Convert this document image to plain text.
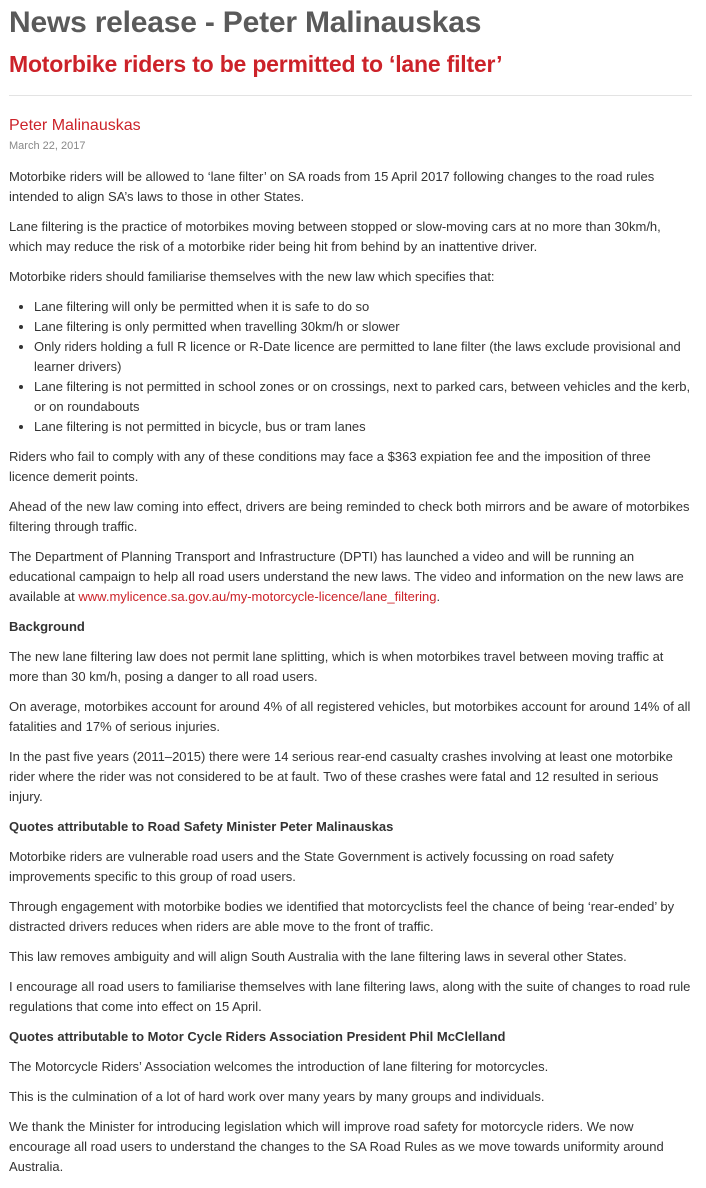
News release - Peter Malinauskas
Motorbike riders to be permitted to ‘lane filter’
Peter Malinauskas
March 22, 2017

Motorbike riders will be allowed to ‘lane filter’ on SA roads from 15 April 2017 following changes to the road rules intended to align SA’s laws to those in other States.

Lane filtering is the practice of motorbikes moving between stopped or slow-moving cars at no more than 30km/h, which may reduce the risk of a motorbike rider being hit from behind by an inattentive driver.

Motorbike riders should familiarise themselves with the new law which specifies that:

• Lane filtering will only be permitted when it is safe to do so
• Lane filtering is only permitted when travelling 30km/h or slower
• Only riders holding a full R licence or R-Date licence are permitted to lane filter (the laws exclude provisional and learner drivers)
• Lane filtering is not permitted in school zones or on crossings, next to parked cars, between vehicles and the kerb, or on roundabouts
• Lane filtering is not permitted in bicycle, bus or tram lanes

Riders who fail to comply with any of these conditions may face a $363 expiation fee and the imposition of three licence demerit points.

Ahead of the new law coming into effect, drivers are being reminded to check both mirrors and be aware of motorbikes filtering through traffic.

The Department of Planning Transport and Infrastructure (DPTI) has launched a video and will be running an educational campaign to help all road users understand the new laws. The video and information on the new laws are available at www.mylicence.sa.gov.au/my-motorcycle-licence/lane_filtering.

Background

The new lane filtering law does not permit lane splitting, which is when motorbikes travel between moving traffic at more than 30 km/h, posing a danger to all road users.

On average, motorbikes account for around 4% of all registered vehicles, but motorbikes account for around 14% of all fatalities and 17% of serious injuries.

In the past five years (2011–2015) there were 14 serious rear-end casualty crashes involving at least one motorbike rider where the rider was not considered to be at fault. Two of these crashes were fatal and 12 resulted in serious injury.

Quotes attributable to Road Safety Minister Peter Malinauskas

Motorbike riders are vulnerable road users and the State Government is actively focussing on road safety improvements specific to this group of road users.

Through engagement with motorbike bodies we identified that motorcyclists feel the chance of being ‘rear-ended’ by distracted drivers reduces when riders are able move to the front of traffic.

This law removes ambiguity and will align South Australia with the lane filtering laws in several other States.

I encourage all road users to familiarise themselves with lane filtering laws, along with the suite of changes to road rule regulations that come into effect on 15 April.

Quotes attributable to Motor Cycle Riders Association President Phil McClelland

The Motorcycle Riders’ Association welcomes the introduction of lane filtering for motorcycles.

This is the culmination of a lot of hard work over many years by many groups and individuals.

We thank the Minister for introducing legislation which will improve road safety for motorcycle riders. We now encourage all road users to understand the changes to the SA Road Rules as we move towards uniformity around Australia.
